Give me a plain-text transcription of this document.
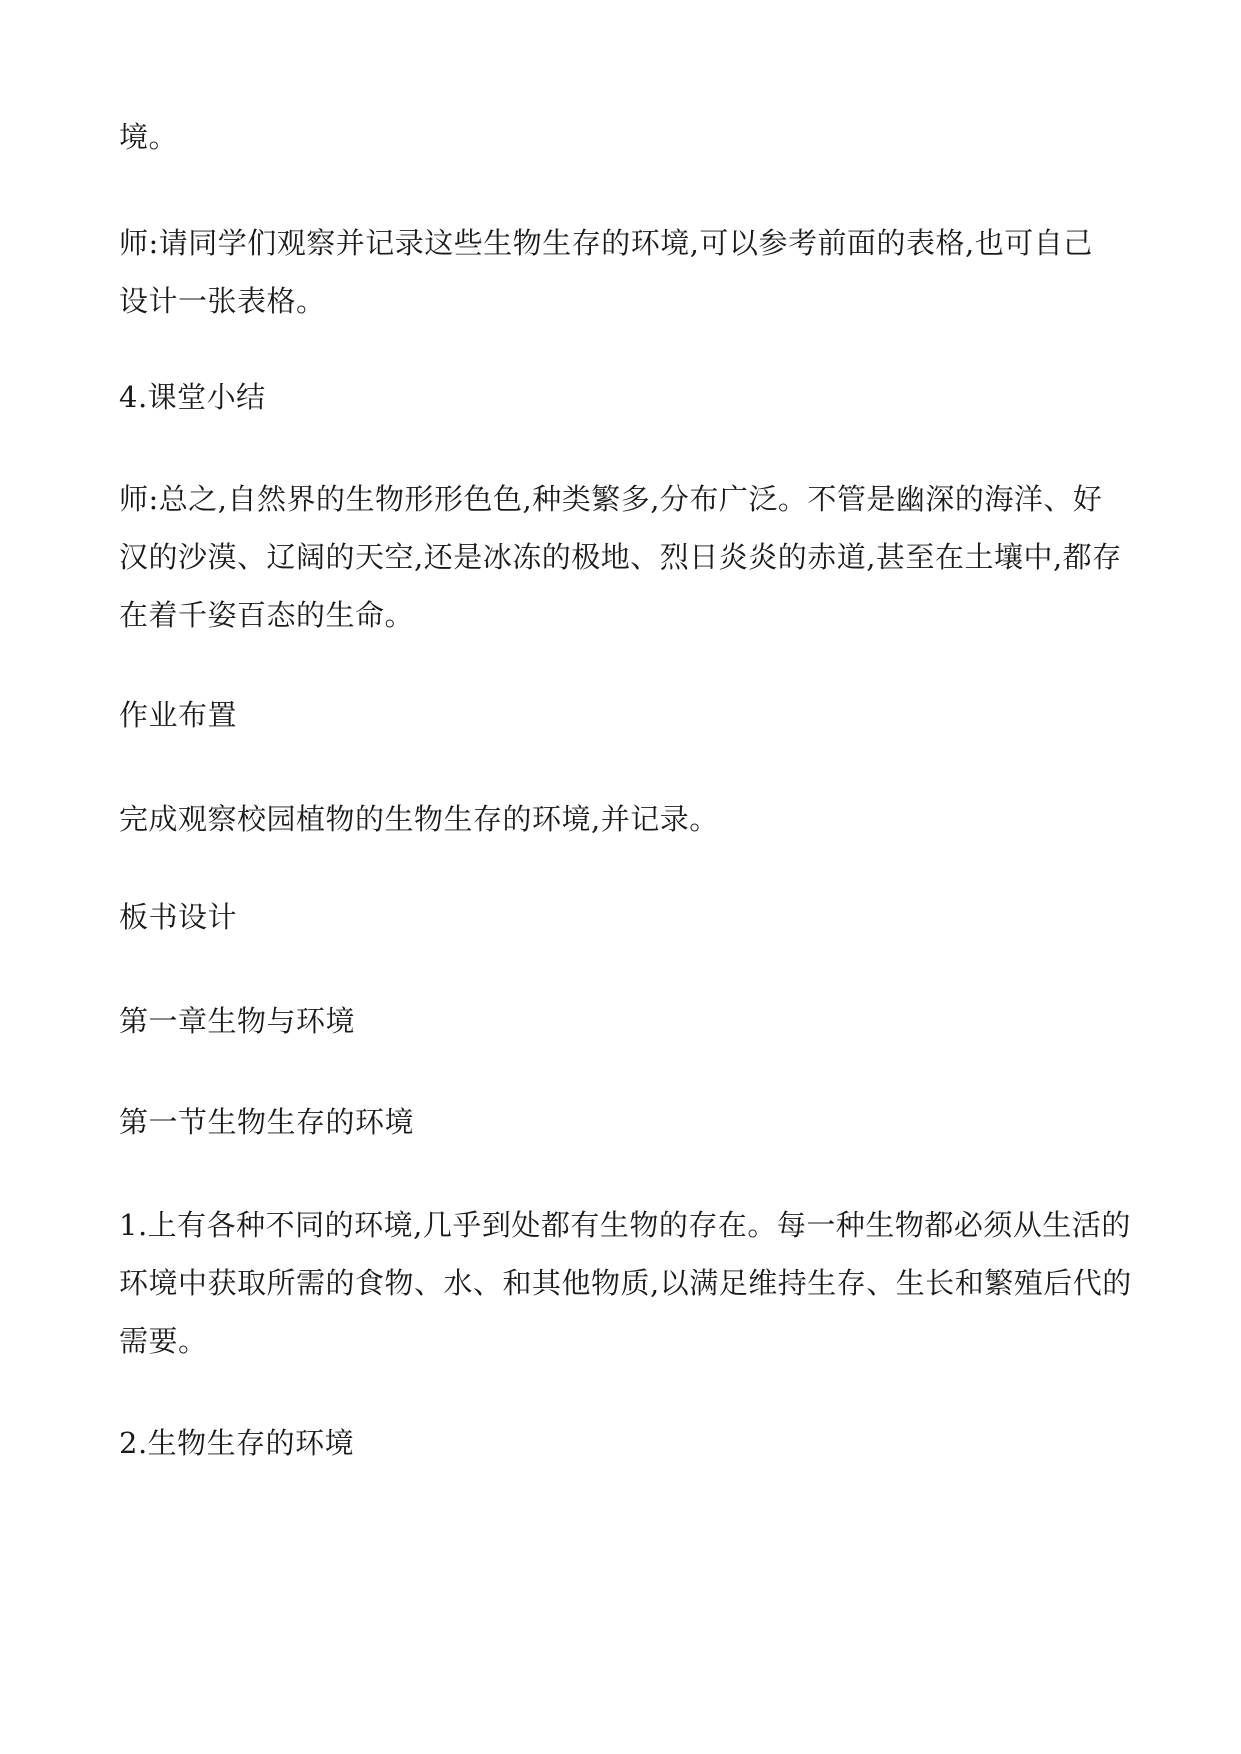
境。

师:请同学们观察并记录这些生物生存的环境,可以参考前面的表格,也可自己
设计一张表格。

4.课堂小结

师:总之,自然界的生物形形色色,种类繁多,分布广泛。不管是幽深的海洋、好
汉的沙漠、辽阔的天空,还是冰冻的极地、烈日炎炎的赤道,甚至在土壤中,都存
在着千姿百态的生命。

作业布置

完成观察校园植物的生物生存的环境,并记录。

板书设计

第一章生物与环境

第一节生物生存的环境

1.上有各种不同的环境,几乎到处都有生物的存在。每一种生物都必须从生活的
环境中获取所需的食物、水、和其他物质,以满足维持生存、生长和繁殖后代的
需要。

2.生物生存的环境
